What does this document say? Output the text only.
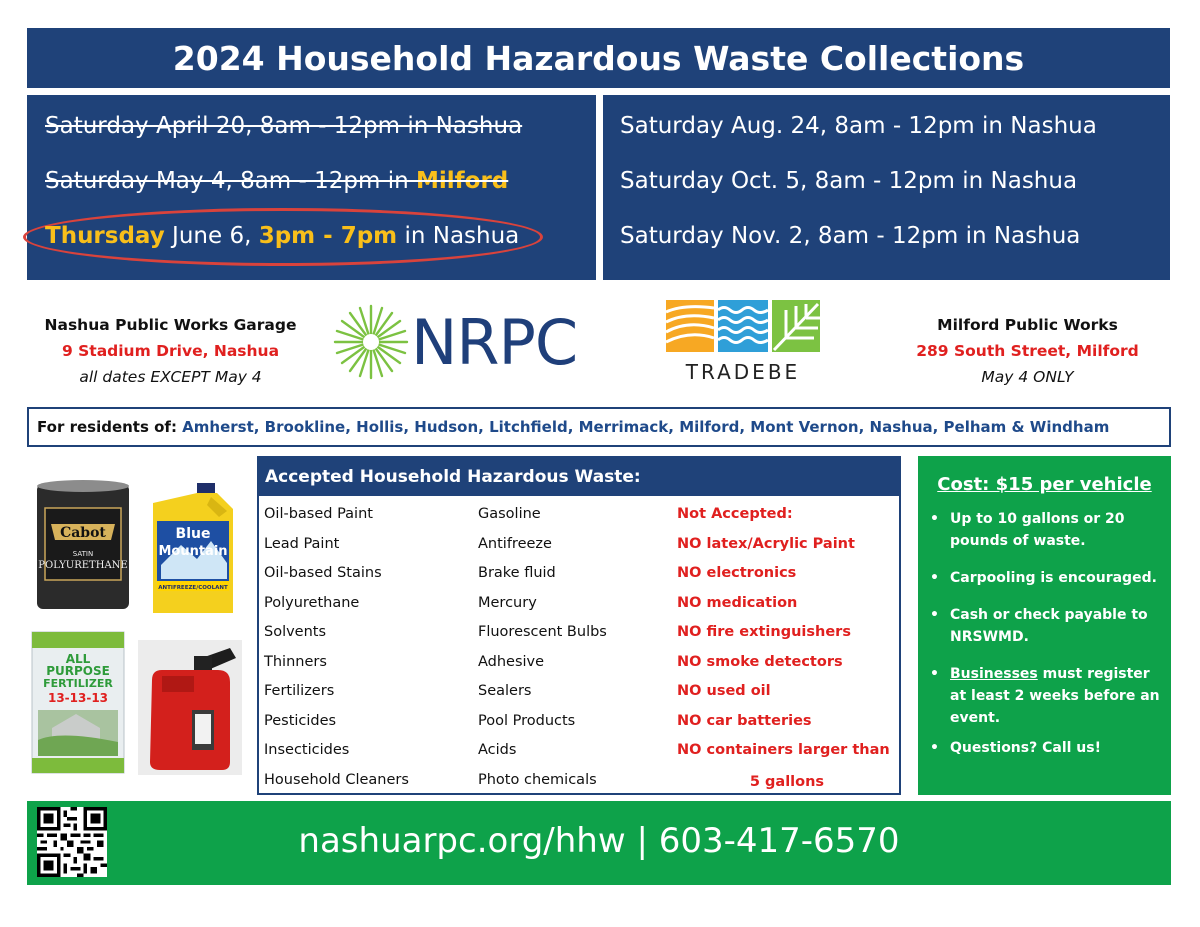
2024 Household Hazardous Waste Collections
Saturday April 20, 8am - 12pm in Nashua
Saturday May 4, 8am - 12pm in Milford
Thursday June 6, 3pm - 7pm in Nashua
Saturday Aug. 24, 8am - 12pm in Nashua
Saturday Oct. 5, 8am - 12pm in Nashua
Saturday Nov. 2, 8am - 12pm in Nashua
Nashua Public Works Garage
9 Stadium Drive, Nashua
all dates EXCEPT May 4	NRPC	TRADEBE
Milford Public Works
289 South Street, Milford
May 4 ONLY
For residents of: Amherst, Brookline, Hollis, Hudson, Litchfield, Merrimack, Milford, Mont Vernon, Nashua, Pelham & Windham
Cabot
SATIN
POLYURETHANE
Blue
Mountain
ANTIFREEZE/COOLANT
ALL
PURPOSE
FERTILIZER
13-13-13
Accepted Household Hazardous Waste:
Oil-based Paint
Lead Paint
Oil-based Stains
Polyurethane
Solvents
Thinners
Fertilizers
Pesticides
Insecticides
Household Cleaners
Gasoline
Antifreeze
Brake fluid
Mercury
Fluorescent Bulbs
Adhesive
Sealers
Pool Products
Acids
Photo chemicals
Not Accepted:
NO latex/Acrylic Paint
NO electronics
NO medication
NO fire extinguishers
NO smoke detectors
NO used oil
NO car batteries
NO containers larger than
5 gallons
Cost: $15 per vehicle
• Up to 10 gallons or 20 pounds of waste.
• Carpooling is encouraged.
• Cash or check payable to NRSWMD.
• Businesses must register at least 2 weeks before an event.
• Questions? Call us!
nashuarpc.org/hhw | 603-417-6570
